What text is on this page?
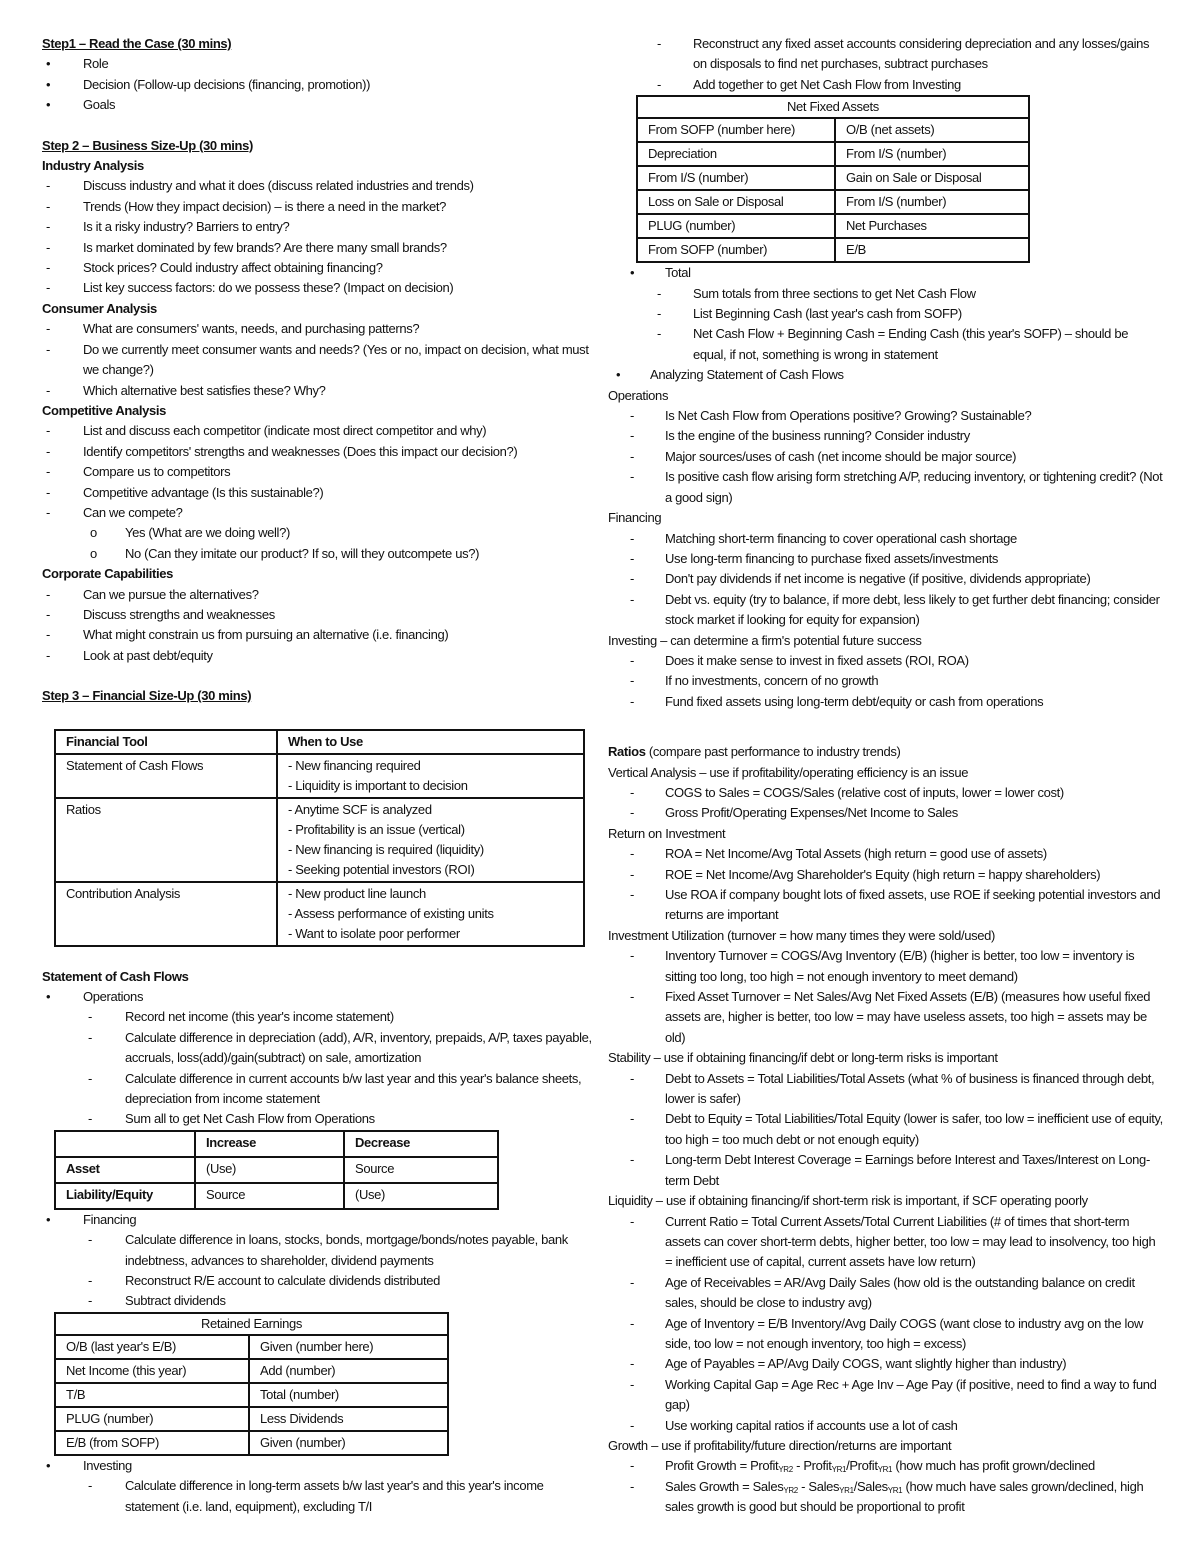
Step1 – Read the Case (30 mins)
•	Role
•	Decision (Follow-up decisions (financing, promotion))
•	Goals
Step 2 – Business Size-Up (30 mins)
Industry Analysis
-	Discuss industry and what it does (discuss related industries and trends)
-	Trends (How they impact decision) – is there a need in the market?
-	Is it a risky industry? Barriers to entry?
-	Is market dominated by few brands? Are there many small brands?
-	Stock prices? Could industry affect obtaining financing?
-	List key success factors: do we possess these? (Impact on decision)
Consumer Analysis
-	What are consumers' wants, needs, and purchasing patterns?
-	Do we currently meet consumer wants and needs? (Yes or no, impact on decision, what must we change?)
-	Which alternative best satisfies these? Why?
Competitive Analysis
-	List and discuss each competitor (indicate most direct competitor and why)
-	Identify competitors' strengths and weaknesses (Does this impact our decision?)
-	Compare us to competitors
-	Competitive advantage (Is this sustainable?)
-	Can we compete?
o	Yes (What are we doing well?)
o	No (Can they imitate our product? If so, will they outcompete us?)
Corporate Capabilities
-	Can we pursue the alternatives?
-	Discuss strengths and weaknesses
-	What might constrain us from pursuing an alternative (i.e. financing)
-	Look at past debt/equity
Step 3 – Financial Size-Up (30 mins)
Financial Tool	When to Use
Statement of Cash Flows	- New financing required
- Liquidity is important to decision

Ratios	- Anytime SCF is analyzed
- Profitability is an issue (vertical)
- New financing is required (liquidity)
- Seeking potential investors (ROI)

Contribution Analysis	- New product line launch
- Assess performance of existing units
- Want to isolate poor performer
Statement of Cash Flows
•	Operations
-	Record net income (this year's income statement)
-	Calculate difference in depreciation (add), A/R, inventory, prepaids, A/P, taxes payable, accruals, loss(add)/gain(subtract) on sale, amortization
-	Calculate difference in current accounts b/w last year and this year's balance sheets, depreciation from income statement
-	Sum all to get Net Cash Flow from Operations
	Increase	Decrease
Asset	(Use)	Source
Liability/Equity	Source	(Use)
•	Financing
-	Calculate difference in loans, stocks, bonds, mortgage/bonds/notes payable, bank indebtness, advances to shareholder, dividend payments
-	Reconstruct R/E account to calculate dividends distributed
-	Subtract dividends
Retained Earnings	
O/B (last year's E/B)	Given (number here)
Net Income (this year)	Add (number)
T/B	Total (number)
PLUG (number)	Less Dividends
E/B (from SOFP)	Given (number)
•	Investing
-	Calculate difference in long-term assets b/w last year's and this year's income statement (i.e. land, equipment), excluding T/I
-	Reconstruct any fixed asset accounts considering depreciation and any losses/gains on disposals to find net purchases, subtract purchases
-	Add together to get Net Cash Flow from Investing
Net Fixed Assets	
From SOFP (number here)	O/B (net assets)
Depreciation	From I/S (number)
From I/S (number)	Gain on Sale or Disposal
Loss on Sale or Disposal	From I/S (number)
PLUG (number)	Net Purchases
From SOFP (number)	E/B
•	Total
-	Sum totals from three sections to get Net Cash Flow
-	List Beginning Cash (last year's cash from SOFP)
-	Net Cash Flow + Beginning Cash = Ending Cash (this year's SOFP) – should be equal, if not, something is wrong in statement
•	Analyzing Statement of Cash Flows
Operations
-	Is Net Cash Flow from Operations positive? Growing? Sustainable?
-	Is the engine of the business running? Consider industry
-	Major sources/uses of cash (net income should be major source)
-	Is positive cash flow arising form stretching A/P, reducing inventory, or tightening credit? (Not a good sign)
Financing
-	Matching short-term financing to cover operational cash shortage
-	Use long-term financing to purchase fixed assets/investments
-	Don't pay dividends if net income is negative (if positive, dividends appropriate)
-	Debt vs. equity (try to balance, if more debt, less likely to get further debt financing; consider stock market if looking for equity for expansion)
Investing – can determine a firm's potential future success
-	Does it make sense to invest in fixed assets (ROI, ROA)
-	If no investments, concern of no growth
-	Fund fixed assets using long-term debt/equity or cash from operations
Ratios (compare past performance to industry trends)
Vertical Analysis – use if profitability/operating efficiency is an issue
-	COGS to Sales = COGS/Sales (relative cost of inputs, lower = lower cost)
-	Gross Profit/Operating Expenses/Net Income to Sales
Return on Investment
-	ROA = Net Income/Avg Total Assets (high return = good use of assets)
-	ROE = Net Income/Avg Shareholder's Equity (high return = happy shareholders)
-	Use ROA if company bought lots of fixed assets, use ROE if seeking potential investors and returns are important
Investment Utilization (turnover = how many times they were sold/used)
-	Inventory Turnover = COGS/Avg Inventory (E/B) (higher is better, too low = inventory is sitting too long, too high = not enough inventory to meet demand)
-	Fixed Asset Turnover = Net Sales/Avg Net Fixed Assets (E/B) (measures how useful fixed assets are, higher is better, too low = may have useless assets, too high = assets may be old)
Stability – use if obtaining financing/if debt or long-term risks is important
-	Debt to Assets = Total Liabilities/Total Assets (what % of business is financed through debt, lower is safer)
-	Debt to Equity = Total Liabilities/Total Equity (lower is safer, too low = inefficient use of equity, too high = too much debt or not enough equity)
-	Long-term Debt Interest Coverage = Earnings before Interest and Taxes/Interest on Long-term Debt
Liquidity – use if obtaining financing/if short-term risk is important, if SCF operating poorly
-	Current Ratio = Total Current Assets/Total Current Liabilities (# of times that short-term assets can cover short-term debts, higher better, too low = may lead to insolvency, too high = inefficient use of capital, current assets have low return)
-	Age of Receivables = AR/Avg Daily Sales (how old is the outstanding balance on credit sales, should be close to industry avg)
-	Age of Inventory = E/B Inventory/Avg Daily COGS (want close to industry avg on the low side, too low = not enough inventory, too high = excess)
-	Age of Payables = AP/Avg Daily COGS, want slightly higher than industry)
-	Working Capital Gap = Age Rec + Age Inv – Age Pay (if positive, need to find a way to fund gap)
-	Use working capital ratios if accounts use a lot of cash
Growth – use if profitability/future direction/returns are important
-	Profit Growth = Profit$_{YR2}$ - Profit$_{YR1}$/Profit$_{YR1}$ (how much has profit grown/declined
-	Sales Growth = Sales$_{YR2}$ - Sales$_{YR1}$/Sales$_{YR1}$ (how much have sales grown/declined, high sales growth is good but should be proportional to profit
